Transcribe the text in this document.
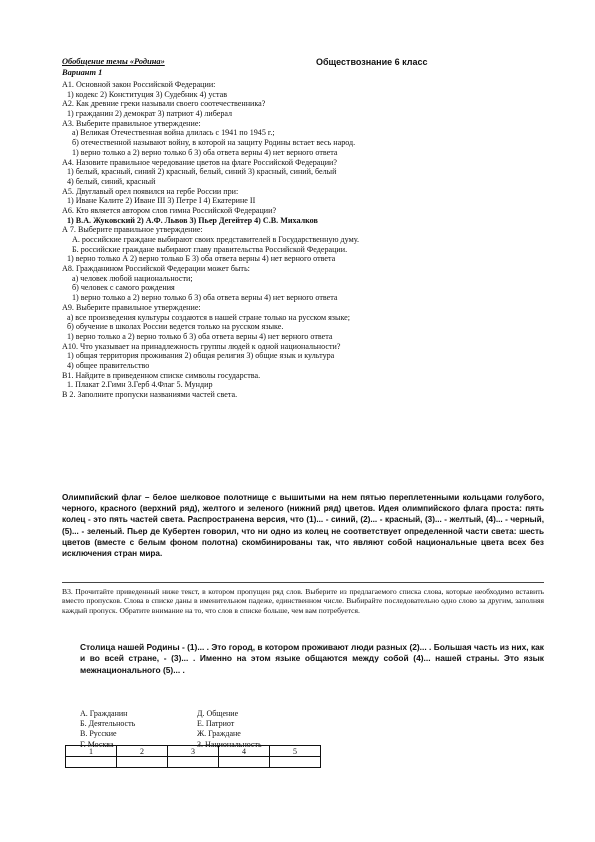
Обобщение темы «Родина»	Обществознание 6 класс
Вариант 1
А1. Основной закон Российской Федерации:
1) кодекс 2) Конституция 3) Судебник 4) устав
А2. Как древние греки называли своего соотечественника?
1) гражданин 2) демократ 3) патриот 4) либерал
А3. Выберите правильное утверждение:
а) Великая Отечественная война длилась с 1941 по 1945 г.;
б) отечественной называют войну, в которой на защиту Родины встает весь народ.
1) верно только а 2) верно только б 3) оба ответа верны 4) нет верного ответа
А4. Назовите правильное чередование цветов на флаге Российской Федерации?
1) белый, красный, синий 2) красный, белый, синий 3) красный, синий, белый
4) белый, синий, красный
А5. Двуглавый орел появился на гербе России при:
1) Иване Калите 2) Иване III 3) Петре I 4) Екатерине II
А6. Кто является автором слов гимна Российской Федерации?
1) В.А. Жуковский 2) А.Ф. Львов 3) Пьер Дегейтер 4) С.В. Михалков
А 7. Выберите правильное утверждение:
А. российские граждане выбирают своих представителей в Государственную думу.
Б. российские граждане выбирают главу правительства Российской Федерации.
1) верно только А 2) верно только Б 3) оба ответа верны 4) нет верного ответа
А8. Гражданином Российской Федерации может быть:
а) человек любой национальности;
б) человек с самого рождения
1) верно только а 2) верно только б 3) оба ответа верны 4) нет верного ответа
А9. Выберите правильное утверждение:
а) все произведения культуры создаются в нашей стране только на русском языке;
б) обучение в школах России ведется только на русском языке.
1) верно только а 2) верно только б 3) оба ответа верны 4) нет верного ответа
А10. Что указывает на принадлежность группы людей к одной национальности?
1) общая территория проживания 2) общая религия 3) общие язык и культура
4) общее правительство
В1. Найдите в приведенном списке символы государства.
1. Плакат 2.Гимн 3.Герб 4.Флаг 5. Мундир
В 2. Заполните пропуски названиями частей света.
Олимпийский флаг – белое шелковое полотнище с вышитыми на нем пятью переплетенными кольцами голубого, черного, красного (верхний ряд), желтого и зеленого (нижний ряд) цветов. Идея олимпийского флага проста: пять колец - это пять частей света. Распространена версия, что (1)... - синий, (2)... - красный, (3)... - желтый, (4)... - черный, (5)... - зеленый. Пьер де Кубертен говорил, что ни одно из колец не соответствует определенной части света: шесть цветов (вместе с белым фоном полотна) скомбинированы так, что являют собой национальные цвета всех без исключения стран мира.
В3. Прочитайте приведенный ниже текст, в котором пропущен ряд слов. Выберите из предлагаемого списка слова, которые необходимо вставить вместо пропусков. Слова в списке даны в именительном падеже, единственном числе. Выбирайте последовательно одно слово за другим, заполняя каждый пропуск. Обратите внимание на то, что слов в списке больше, чем вам потребуется.
Столица нашей Родины - (1)... . Это город, в котором проживают люди разных (2)... . Большая часть из них, как и во всей стране, - (3)... . Именно на этом языке общаются между собой (4)... нашей страны. Это язык межнационального (5)... .
А. Гражданин	Д. Общение
Б. Деятельность	Е. Патриот
В. Русские	Ж. Граждане
Г. Москва	З. Национальность
1	2	3	4	5
